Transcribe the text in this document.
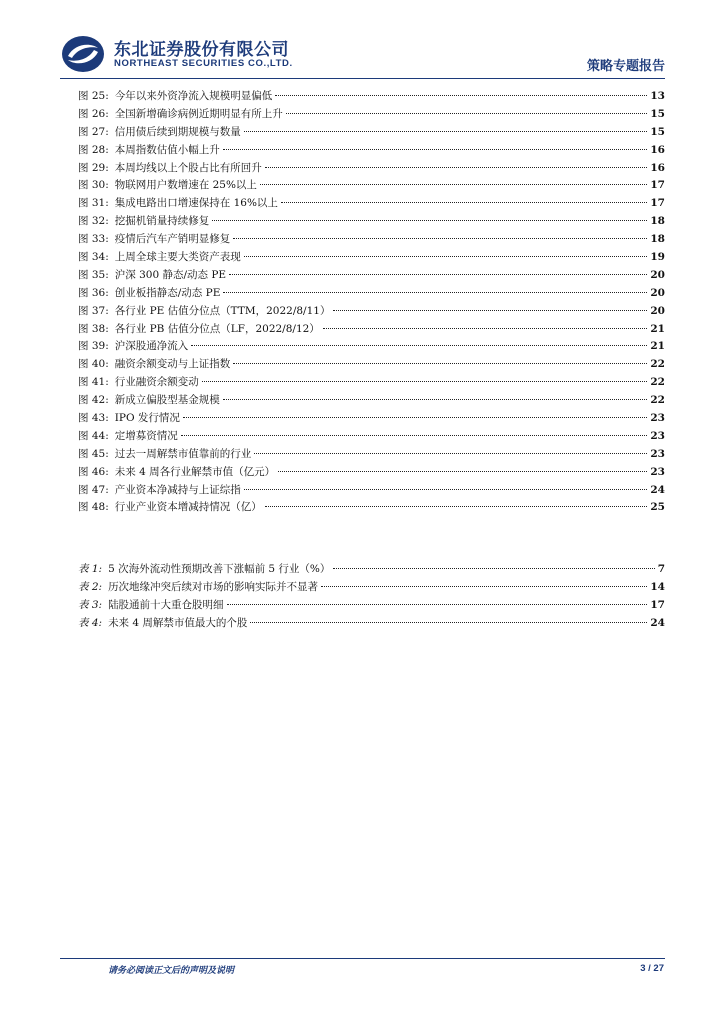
东北证券股份有限公司
NORTHEAST SECURITIES CO.,LTD.	策略专题报告
图 25: 今年以来外资净流入规模明显偏低	13
图 26: 全国新增确诊病例近期明显有所上升	15
图 27: 信用债后续到期规模与数量	15
图 28: 本周指数估值小幅上升	16
图 29: 本周均线以上个股占比有所回升	16
图 30: 物联网用户数增速在 25%以上	17
图 31: 集成电路出口增速保持在 16%以上	17
图 32: 挖掘机销量持续修复	18
图 33: 疫情后汽车产销明显修复	18
图 34: 上周全球主要大类资产表现	19
图 35: 沪深 300 静态/动态 PE	20
图 36: 创业板指静态/动态 PE	20
图 37: 各行业 PE 估值分位点（TTM，2022/8/11）	20
图 38: 各行业 PB 估值分位点（LF，2022/8/12）	21
图 39: 沪深股通净流入	21
图 40: 融资余额变动与上证指数	22
图 41: 行业融资余额变动	22
图 42: 新成立偏股型基金规模	22
图 43: IPO 发行情况	23
图 44: 定增募资情况	23
图 45: 过去一周解禁市值靠前的行业	23
图 46: 未来 4 周各行业解禁市值（亿元）	23
图 47: 产业资本净减持与上证综指	24
图 48: 行业产业资本增减持情况（亿）	25
表 1: 5 次海外流动性预期改善下涨幅前 5 行业（%）	7
表 2: 历次地缘冲突后续对市场的影响实际并不显著	14
表 3: 陆股通前十大重仓股明细	17
表 4: 未来 4 周解禁市值最大的个股	24
请务必阅读正文后的声明及说明	3 / 27
